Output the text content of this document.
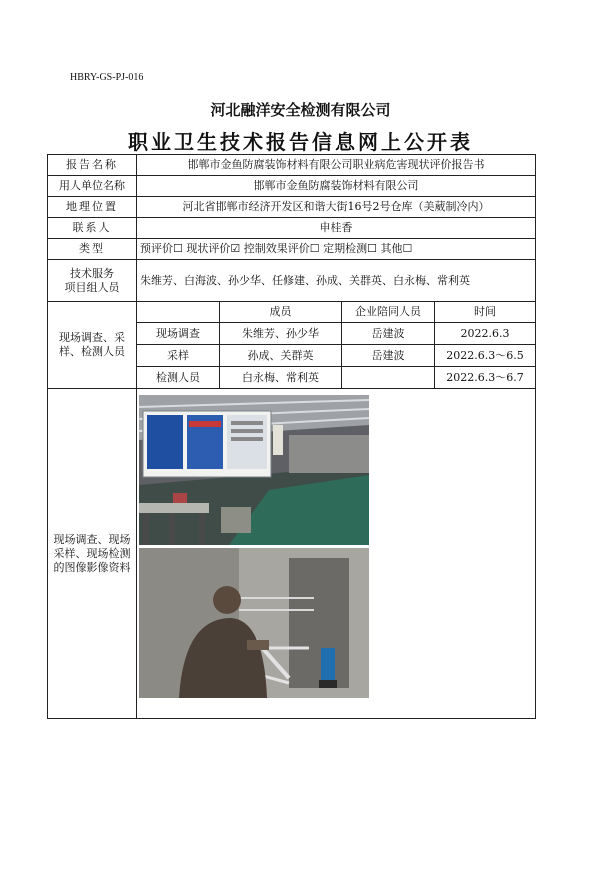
HBRY-GS-PJ-016
河北融洋安全检测有限公司
职业卫生技术报告信息网上公开表
报告名称	邯郸市金鱼防腐装饰材料有限公司职业病危害现状评价报告书			
用人单位名称	邯郸市金鱼防腐装饰材料有限公司			
地理位置	河北省邯郸市经济开发区和谐大街16号2号仓库（美葳制冷内）			
联系人	申桂香			
类型	预评价☐ 现状评价☑ 控制效果评价☐ 定期检测☐ 其他☐			
技术服务
项目组人员	朱维芳、白海波、孙少华、任修建、孙成、关群英、白永梅、常利英			
现场调查、采样、检测人员		成员	企业陪同人员	时间
	现场调查	朱维芳、孙少华	岳建波	2022.6.3
	采样	孙成、关群英	岳建波	2022.6.3～6.5
	检测人员	白永梅、常利英		2022.6.3～6.7
现场调查、现场采样、现场检测的图像影像资料	
